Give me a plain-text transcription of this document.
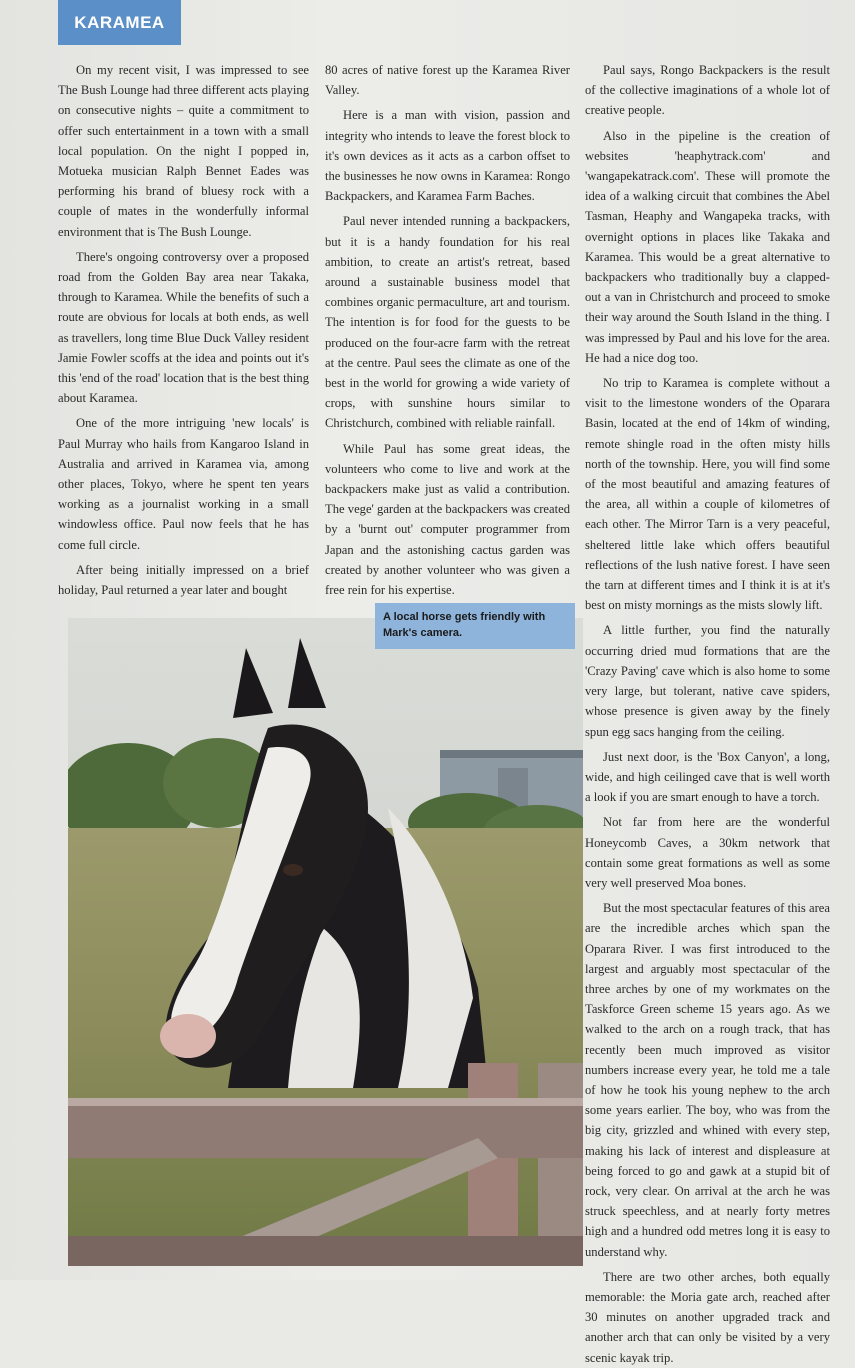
KARAMEA

On my recent visit, I was impressed to see The Bush Lounge had three different acts playing on consecutive nights – quite a commitment to offer such entertainment in a town with a small local population. On the night I popped in, Motueka musician Ralph Bennet Eades was performing his brand of bluesy rock with a couple of mates in the wonderfully informal environment that is The Bush Lounge.

There's ongoing controversy over a proposed road from the Golden Bay area near Takaka, through to Karamea. While the benefits of such a route are obvious for locals at both ends, as well as travellers, long time Blue Duck Valley resident Jamie Fowler scoffs at the idea and points out it's this 'end of the road' location that is the best thing about Karamea.

One of the more intriguing 'new locals' is Paul Murray who hails from Kangaroo Island in Australia and arrived in Karamea via, among other places, Tokyo, where he spent ten years working as a journalist working in a small windowless office. Paul now feels that he has come full circle.

After being initially impressed on a brief holiday, Paul returned a year later and bought

80 acres of native forest up the Karamea River Valley.

Here is a man with vision, passion and integrity who intends to leave the forest block to it's own devices as it acts as a carbon offset to the businesses he now owns in Karamea: Rongo Backpackers, and Karamea Farm Baches.

Paul never intended running a backpackers, but it is a handy foundation for his real ambition, to create an artist's retreat, based around a sustainable business model that combines organic permaculture, art and tourism. The intention is for food for the guests to be produced on the four-acre farm with the retreat at the centre. Paul sees the climate as one of the best in the world for growing a wide variety of crops, with sunshine hours similar to Christchurch, combined with reliable rainfall.

While Paul has some great ideas, the volunteers who come to live and work at the backpackers make just as valid a contribution. The vege' garden at the backpackers was created by a 'burnt out' computer programmer from Japan and the astonishing cactus garden was created by another volunteer who was given a free rein for his expertise.

Paul says, Rongo Backpackers is the result of the collective imaginations of a whole lot of creative people.

Also in the pipeline is the creation of websites 'heaphytrack.com' and 'wangapekatrack.com'. These will promote the idea of a walking circuit that combines the Abel Tasman, Heaphy and Wangapeka tracks, with overnight options in places like Takaka and Karamea. This would be a great alternative to backpackers who traditionally buy a clapped-out a van in Christchurch and proceed to smoke their way around the South Island in the thing. I was impressed by Paul and his love for the area. He had a nice dog too.

No trip to Karamea is complete without a visit to the limestone wonders of the Oparara Basin, located at the end of 14km of winding, remote shingle road in the often misty hills north of the township. Here, you will find some of the most beautiful and amazing features of the area, all within a couple of kilometres of each other. The Mirror Tarn is a very peaceful, sheltered little lake which offers beautiful reflections of the lush native forest. I have seen the tarn at different times and I think it is at it's best on misty mornings as the mists slowly lift.

A little further, you find the naturally occurring dried mud formations that are the 'Crazy Paving' cave which is also home to some very large, but tolerant, native cave spiders, whose presence is given away by the finely spun egg sacs hanging from the ceiling.

Just next door, is the 'Box Canyon', a long, wide, and high ceilinged cave that is well worth a look if you are smart enough to have a torch.

Not far from here are the wonderful Honeycomb Caves, a 30km network that contain some great formations as well as some very well preserved Moa bones.

But the most spectacular features of this area are the incredible arches which span the Oparara River. I was first introduced to the largest and arguably most spectacular of the three arches by one of my workmates on the Taskforce Green scheme 15 years ago. As we walked to the arch on a rough track, that has recently been much improved as visitor numbers increase every year, he told me a tale of how he took his young nephew to the arch some years earlier. The boy, who was from the big city, grizzled and whined with every step, making his lack of interest and displeasure at being forced to go and gawk at a stupid bit of rock, very clear. On arrival at the arch he was struck speechless, and at nearly forty metres high and a hundred odd metres long it is easy to understand why.

There are two other arches, both equally memorable: the Moria gate arch, reached after 30 minutes on another upgraded track and another arch that can only be visited by a very scenic kayak trip.

A local horse gets friendly with Mark's camera.
